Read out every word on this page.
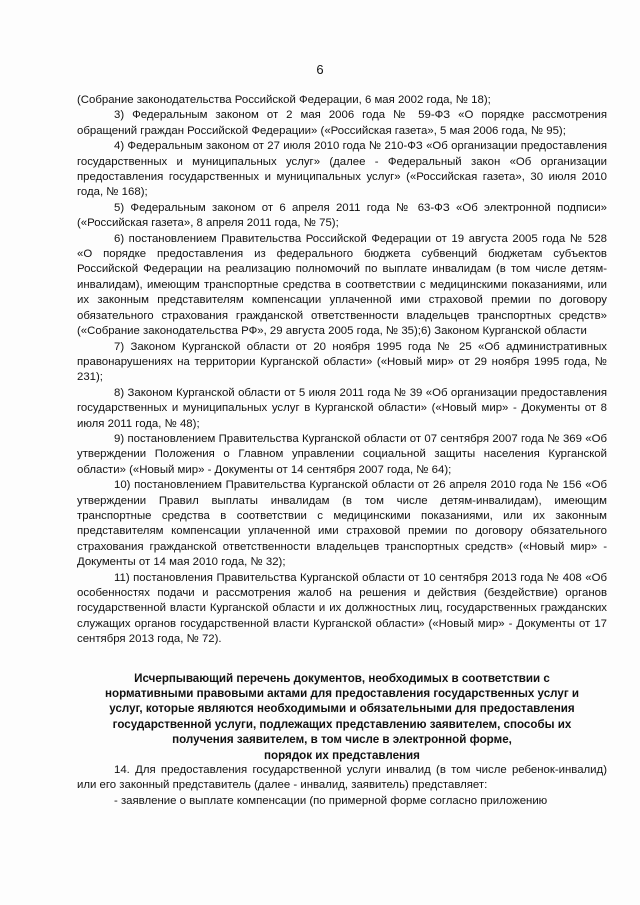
6

(Собрание законодательства Российской Федерации, 6 мая 2002 года, № 18);

3) Федеральным законом от 2 мая 2006 года № 59-ФЗ «О порядке рассмотрения обращений граждан Российской Федерации» («Российская газета», 5 мая 2006 года, № 95);

4) Федеральным законом от 27 июля 2010 года № 210-ФЗ «Об организации предоставления государственных и муниципальных услуг» (далее - Федеральный закон «Об организации предоставления государственных и муниципальных услуг» («Российская газета», 30 июля 2010 года, № 168);

5) Федеральным законом от 6 апреля 2011 года № 63-ФЗ «Об электронной подписи» («Российская газета», 8 апреля 2011 года, № 75);

6) постановлением Правительства Российской Федерации от 19 августа 2005 года № 528 «О порядке предоставления из федерального бюджета субвенций бюджетам субъектов Российской Федерации на реализацию полномочий по выплате инвалидам (в том числе детям-инвалидам), имеющим транспортные средства в соответствии с медицинскими показаниями, или их законным представителям компенсации уплаченной ими страховой премии по договору обязательного страхования гражданской ответственности владельцев транспортных средств» («Собрание законодательства РФ», 29 августа 2005 года, № 35);6) Законом Курганской области

7) Законом Курганской области от 20 ноября 1995 года № 25 «Об административных правонарушениях на территории Курганской области» («Новый мир» от 29 ноября 1995 года, № 231);

8) Законом Курганской области от 5 июля 2011 года № 39 «Об организации предоставления государственных и муниципальных услуг в Курганской области» («Новый мир» - Документы от 8 июля 2011 года, № 48);

9) постановлением Правительства Курганской области от 07 сентября 2007 года № 369 «Об утверждении Положения о Главном управлении социальной защиты населения Курганской области» («Новый мир» - Документы от 14 сентября 2007 года, № 64);

10) постановлением Правительства Курганской области от 26 апреля 2010 года № 156 «Об утверждении Правил выплаты инвалидам (в том числе детям-инвалидам), имеющим транспортные средства в соответствии с медицинскими показаниями, или их законным представителям компенсации уплаченной ими страховой премии по договору обязательного страхования гражданской ответственности владельцев транспортных средств» («Новый мир» - Документы от 14 мая 2010 года, № 32);

11) постановления Правительства Курганской области от 10 сентября 2013 года № 408 «Об особенностях подачи и рассмотрения жалоб на решения и действия (бездействие) органов государственной власти Курганской области и их должностных лиц, государственных гражданских служащих органов государственной власти Курганской области» («Новый мир» - Документы от 17 сентября 2013 года, № 72).

Исчерпывающий перечень документов, необходимых в соответствии с
нормативными правовыми актами для предоставления государственных услуг и
услуг, которые являются необходимыми и обязательными для предоставления
государственной услуги, подлежащих представлению заявителем, способы их
получения заявителем, в том числе в электронной форме,
порядок их представления

14. Для предоставления государственной услуги инвалид (в том числе ребенок-инвалид) или его законный представитель (далее - инвалид, заявитель) представляет:

- заявление о выплате компенсации (по примерной форме согласно приложению
